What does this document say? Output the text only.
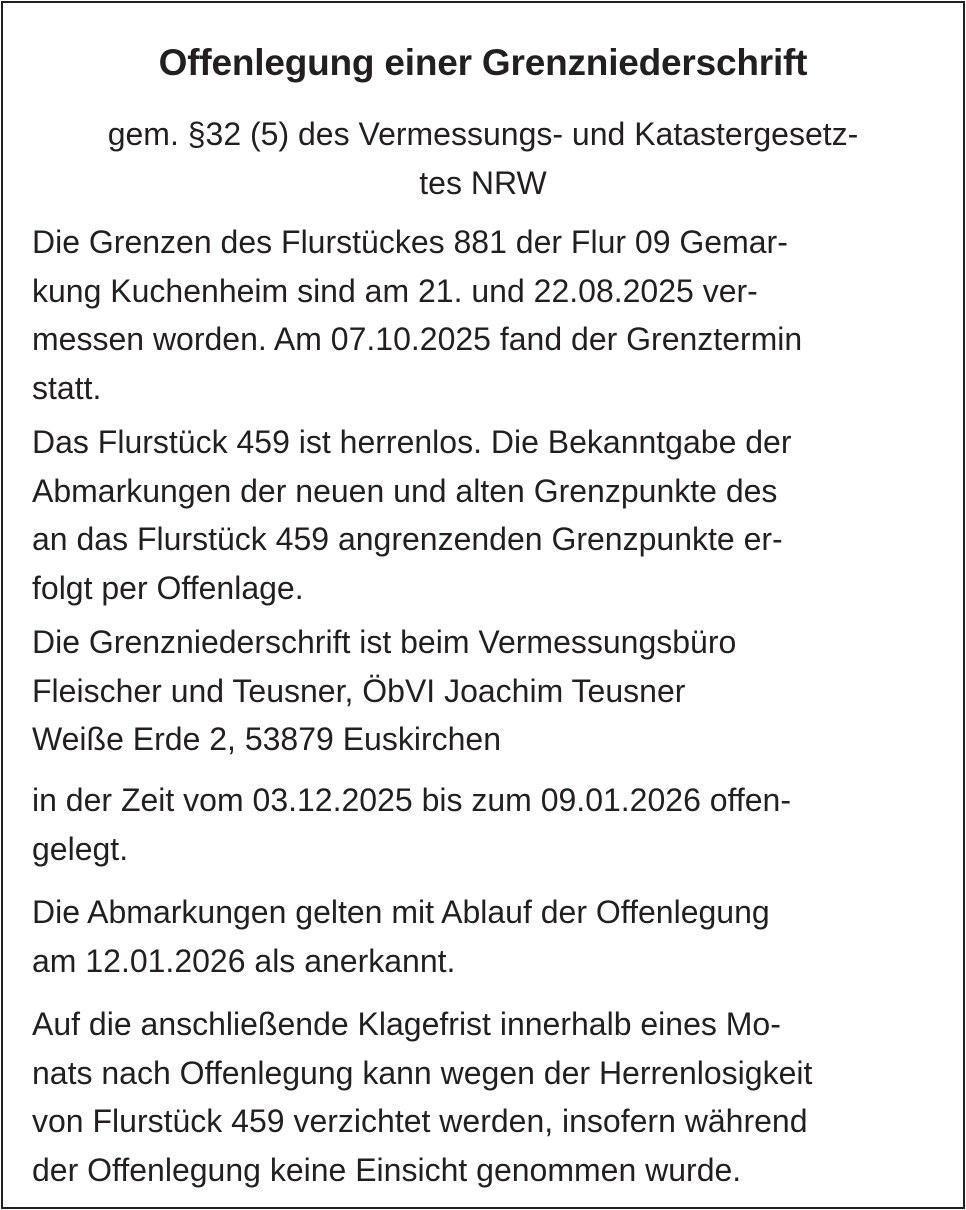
Offenlegung einer Grenzniederschrift

gem. §32 (5) des Vermessungs- und Katastergesetz-
tes NRW

Die Grenzen des Flurstückes 881 der Flur 09 Gemar-
kung Kuchenheim sind am 21. und 22.08.2025 ver-
messen worden. Am 07.10.2025 fand der Grenztermin
statt.

Das Flurstück 459 ist herrenlos. Die Bekanntgabe der
Abmarkungen der neuen und alten Grenzpunkte des
an das Flurstück 459 angrenzenden Grenzpunkte er-
folgt per Offenlage.

Die Grenzniederschrift ist beim Vermessungsbüro
Fleischer und Teusner, ÖbVI Joachim Teusner
Weiße Erde 2, 53879 Euskirchen

in der Zeit vom 03.12.2025 bis zum 09.01.2026 offen-
gelegt.

Die Abmarkungen gelten mit Ablauf der Offenlegung
am 12.01.2026 als anerkannt.

Auf die anschließende Klagefrist innerhalb eines Mo-
nats nach Offenlegung kann wegen der Herrenlosigkeit
von Flurstück 459 verzichtet werden, insofern während
der Offenlegung keine Einsicht genommen wurde.
